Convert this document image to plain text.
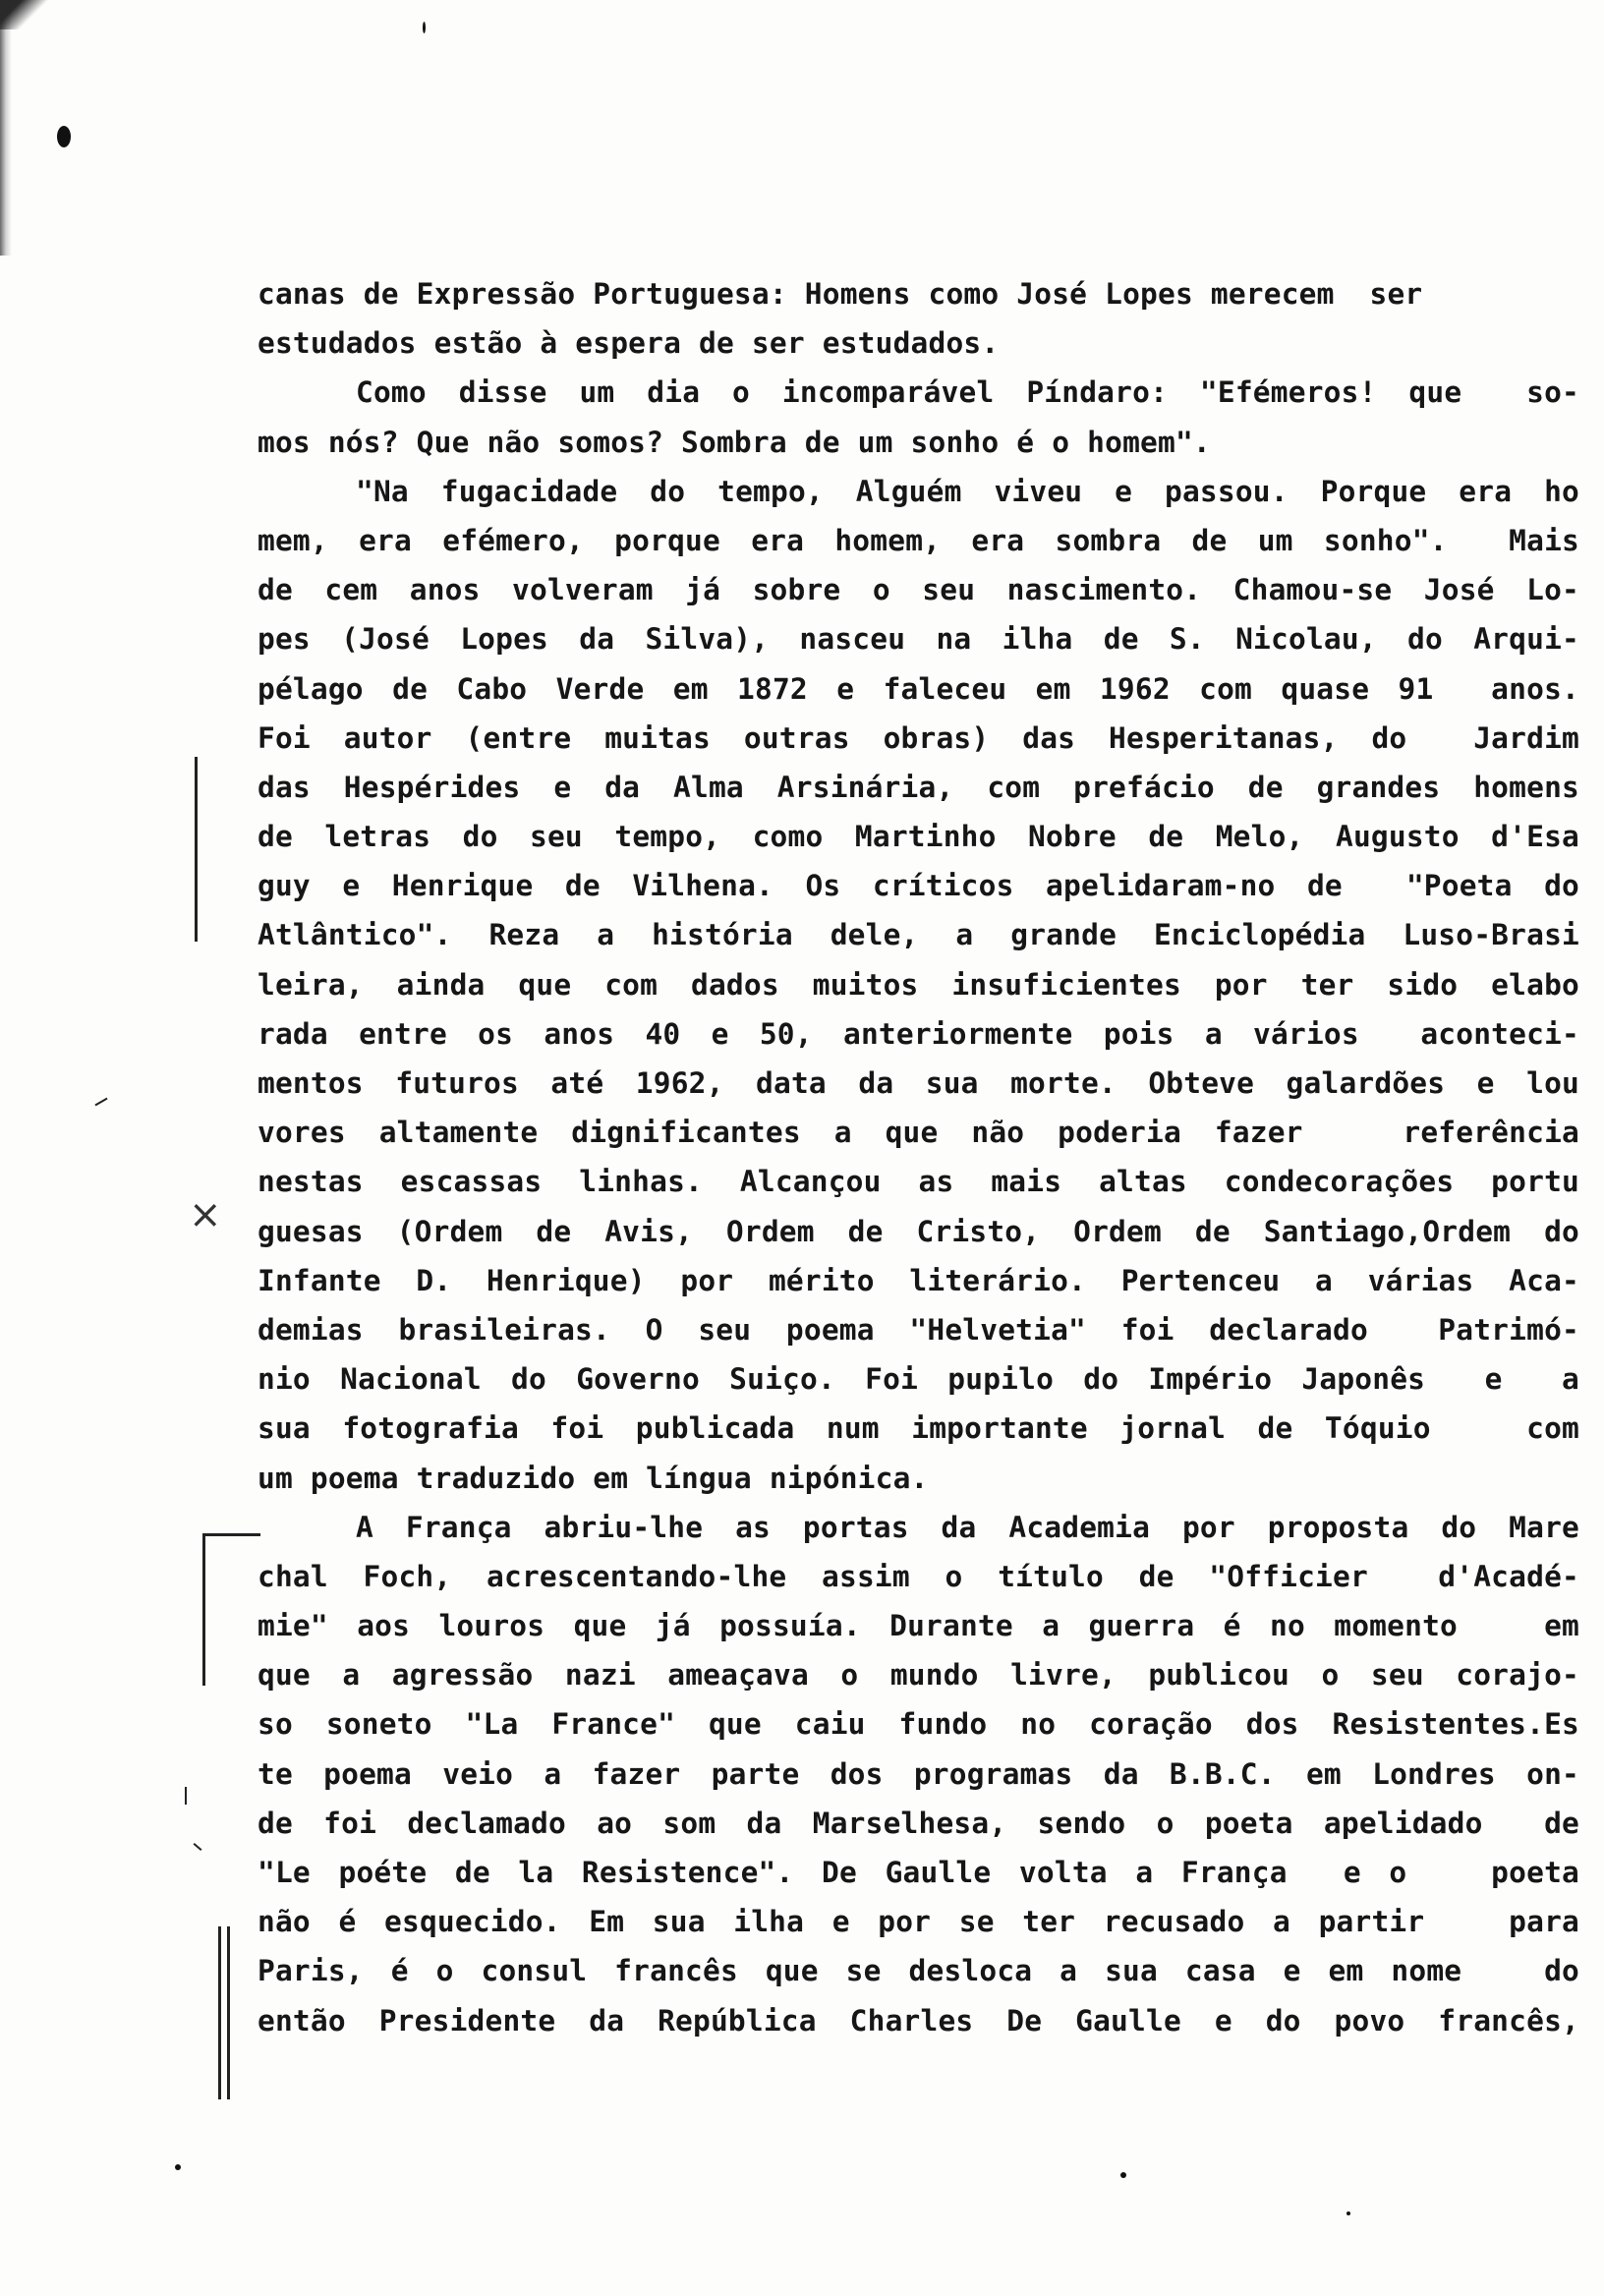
×
canas de Expressão Portuguesa: Homens como José Lopes merecem  ser
estudados estão à espera de ser estudados.
Como disse um dia o incomparável Píndaro: "Efémeros! que  so-
mos nós? Que não somos? Sombra de um sonho é o homem".
"Na fugacidade do tempo, Alguém viveu e passou. Porque era ho
mem, era efémero, porque era homem, era sombra de um sonho".  Mais
de cem anos volveram já sobre o seu nascimento. Chamou-se José Lo-
pes (José Lopes da Silva), nasceu na ilha de S. Nicolau, do Arqui-
pélago de Cabo Verde em 1872 e faleceu em 1962 com quase 91  anos.
Foi autor (entre muitas outras obras) das Hesperitanas, do  Jardim
das Hespérides e da Alma Arsinária, com prefácio de grandes homens
de letras do seu tempo, como Martinho Nobre de Melo, Augusto d'Esa
guy e Henrique de Vilhena. Os críticos apelidaram-no de  "Poeta do
Atlântico". Reza a história dele, a grande Enciclopédia Luso-Brasi
leira, ainda que com dados muitos insuficientes por ter sido elabo
rada entre os anos 40 e 50, anteriormente pois a vários  aconteci-
mentos futuros até 1962, data da sua morte. Obteve galardões e lou
vores altamente dignificantes a que não poderia fazer   referência
nestas escassas linhas. Alcançou as mais altas condecorações portu
guesas (Ordem de Avis, Ordem de Cristo, Ordem de Santiago,Ordem do
Infante D. Henrique) por mérito literário. Pertenceu a várias Aca-
demias brasileiras. O seu poema "Helvetia" foi declarado  Patrimó-
nio Nacional do Governo Suiço. Foi pupilo do Império Japonês  e  a
sua fotografia foi publicada num importante jornal de Tóquio   com
um poema traduzido em língua nipónica.
A França abriu-lhe as portas da Academia por proposta do Mare
chal Foch, acrescentando-lhe assim o título de "Officier  d'Acadé-
mie" aos louros que já possuía. Durante a guerra é no momento   em
que a agressão nazi ameaçava o mundo livre, publicou o seu corajo-
so soneto "La France" que caiu fundo no coração dos Resistentes.Es
te poema veio a fazer parte dos programas da B.B.C. em Londres on-
de foi declamado ao som da Marselhesa, sendo o poeta apelidado  de
"Le poéte de la Resistence". De Gaulle volta a França  e o   poeta
não é esquecido. Em sua ilha e por se ter recusado a partir   para
Paris, é o consul francês que se desloca a sua casa e em nome   do
então Presidente da República Charles De Gaulle e do povo francês,
